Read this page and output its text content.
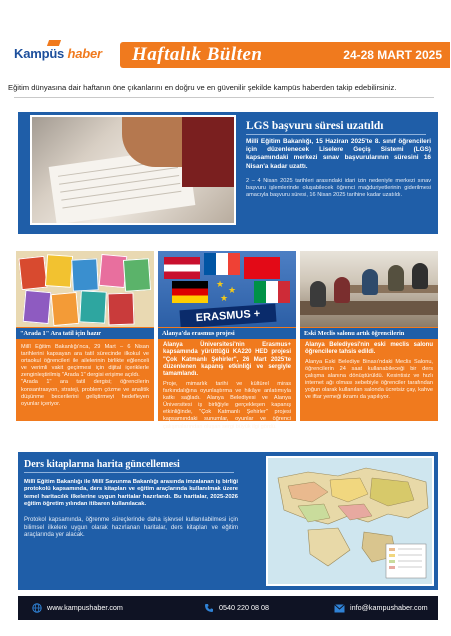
Kampüs haber Haftalık Bülten	24-28 MART 2025
Eğitim dünyasına dair haftanın öne çıkanlarını en doğru ve en güvenilir şekilde kampüs haberden takip edebilirsiniz.
LGS başvuru süresi uzatıldı
Millî Eğitim Bakanlığı, 15 Haziran 2025'te 8. sınıf öğrencileri için düzenlenecek Liselere Geçiş Sistemi (LGS) kapsamındaki merkezi sınav başvurularının süresini 16 Nisan'a kadar uzattı.
2 – 4 Nisan 2025 tarihleri arasındaki idari izin nedeniyle merkezi sınav başvuru işlemlerinde oluşabilecek öğrenci mağduriyetlerinin giderilmesi amacıyla başvuru süresi, 16 Nisan 2025 tarihine kadar uzatıldı.
"Arada 1" Ara tatil için hazır
Millî Eğitim Bakanlığı'nca, 29 Mart – 6 Nisan tarihlerini kapsayan ara tatil sürecinde ilkokul ve ortaokul öğrencileri ile ailelerinin birlikte eğlenceli ve verimli vakit geçirmesi için dijital içeriklerle zenginleştirilmiş "Arada 1" dergisi erişime açıldı.
"Arada 1" ara tatil dergisi; öğrencilerin konsantrasyon, strateji, problem çözme ve analitik düşünme becerilerini geliştirmeyi hedefleyen oyunlar içeriyor.
★
★
★
ERASMUS +
Alanya'da erasmus projesi
Alanya Üniversitesi'nin Erasmus+ kapsamında yürüttüğü KA220 HED projesi "Çok Katmanlı Şehirler", 26 Mart 2025'te düzenlenen kapanış etkinliği ve sergiyle tamamlandı.
Proje, mimarlık tarihi ve kültürel miras farkındalığına oyunlaştırma ve hikâye anlatımıyla katkı sağladı. Alanya Belediyesi ve Alanya Üniversitesi iş birliğiyle gerçekleşen kapanış etkinliğinde, "Çok Katmanlı Şehirler" projesi kapsamındaki sunumlar, oyunlar ve öğrenci çalışmalarından oluşan sergi büyük ilgi gördü.
Eski Meclis salonu artık öğrencilerin
Alanya Belediyesi'nin eski meclis salonu öğrencilere tahsis edildi.
Alanya Eski Belediye Binası'ndaki Meclis Salonu, öğrencilerin 24 saat kullanabileceği bir ders çalışma alanına dönüştürüldü. Kesintisiz ve hızlı internet ağı olması sebebiyle öğrenciler tarafından yoğun olarak kullanılan salonda ücretsiz çay, kahve ve iftar yemeği ikramı da yapılıyor.
Ders kitaplarına harita güncellemesi
Millî Eğitim Bakanlığı ile Millî Savunma Bakanlığı arasında imzalanan iş birliği protokolü kapsamında, ders kitapları ve eğitim araçlarında kullanılmak üzere temel haritacılık ilkelerine uygun haritalar hazırlandı. Bu haritalar, 2025-2026 eğitim öğretim yılından itibaren kullanılacak.
Protokol kapsamında, öğrenme süreçlerinde daha işlevsel kullanılabilmesi için bilimsel ilkelere uygun olarak hazırlanan haritalar, ders kitapları ve eğitim araçlarında yer alacak.
www.kampushaber.com	0540 220 08 08	info@kampushaber.com
